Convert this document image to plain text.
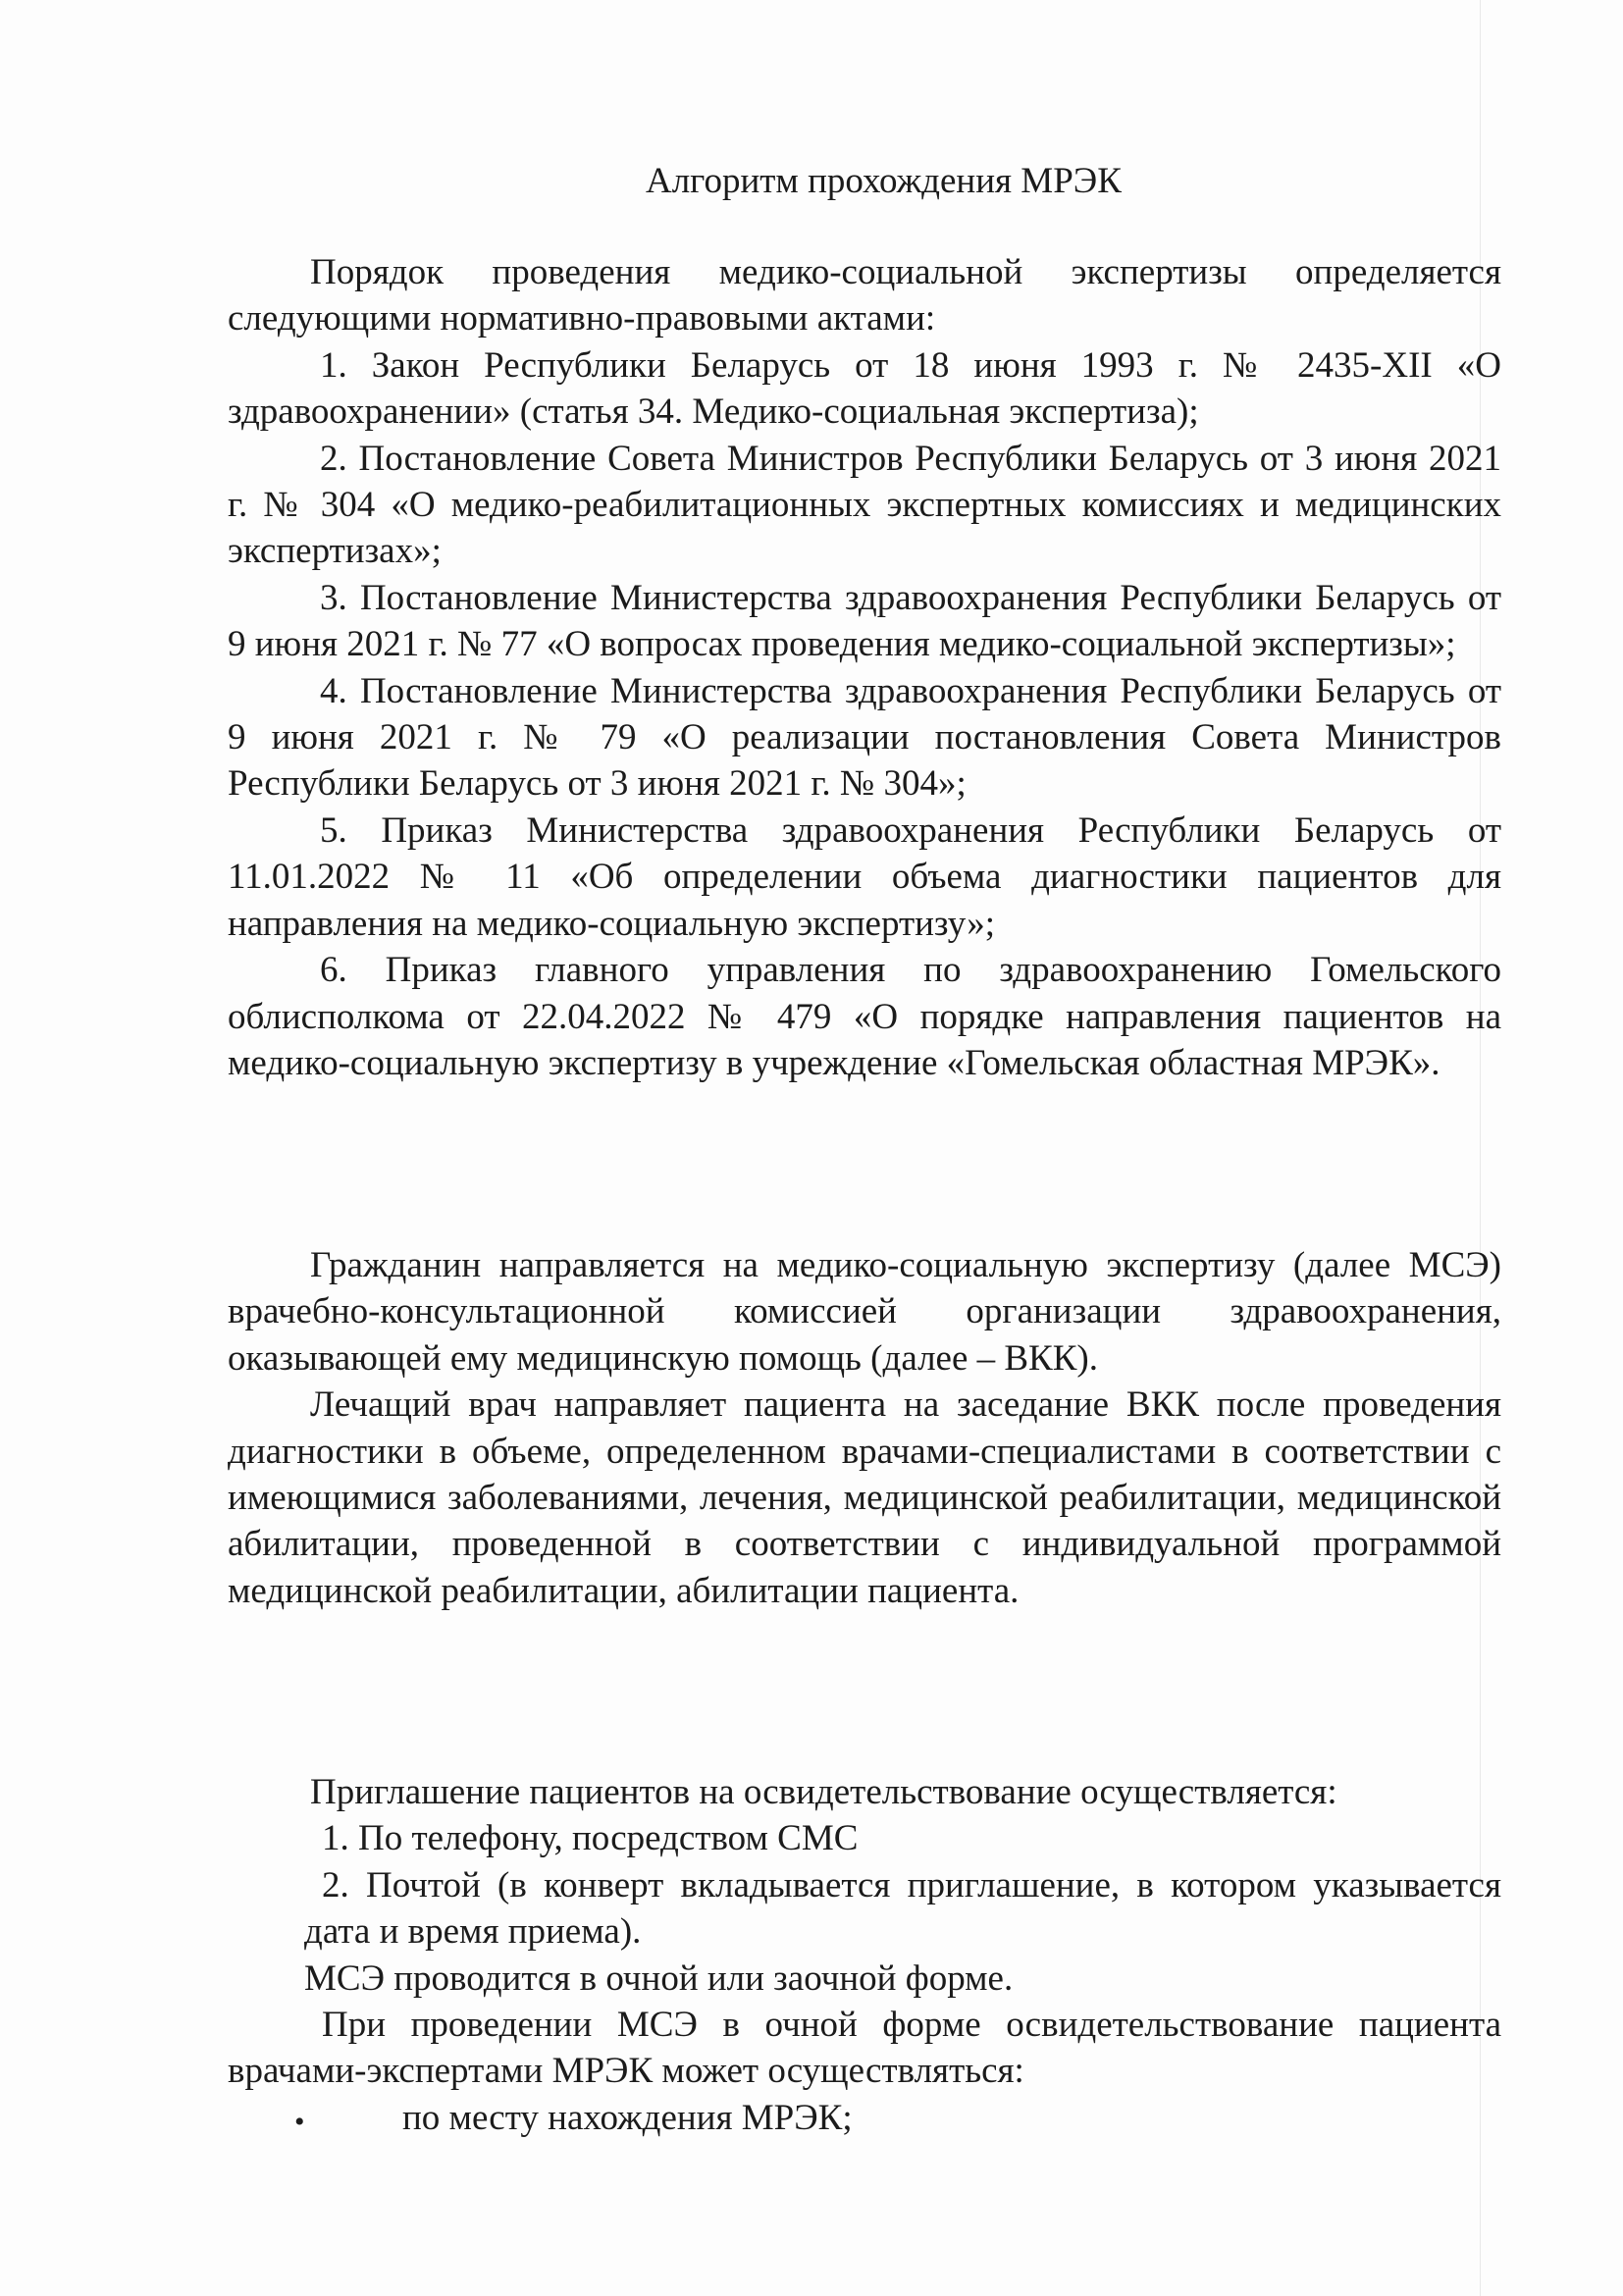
Алгоритм прохождения МРЭК

Порядок проведения медико-социальной экспертизы определяется следующими нормативно-правовыми актами:

1. Закон Республики Беларусь от 18 июня 1993 г. № 2435-XII «О здравоохранении» (статья 34. Медико-социальная экспертиза);

2. Постановление Совета Министров Республики Беларусь от 3 июня 2021 г. № 304 «О медико-реабилитационных экспертных комиссиях и медицинских экспертизах»;

3. Постановление Министерства здравоохранения Республики Беларусь от 9 июня 2021 г. № 77 «О вопросах проведения медико-социальной экспертизы»;

4. Постановление Министерства здравоохранения Республики Беларусь от 9 июня 2021 г. № 79 «О реализации постановления Совета Министров Республики Беларусь от 3 июня 2021 г. № 304»;

5. Приказ Министерства здравоохранения Республики Беларусь от 11.01.2022 № 11 «Об определении объема диагностики пациентов для направления на медико-социальную экспертизу»;

6. Приказ главного управления по здравоохранению Гомельского облисполкома от 22.04.2022 № 479 «О порядке направления пациентов на медико-социальную экспертизу в учреждение «Гомельская областная МРЭК».

Гражданин направляется на медико-социальную экспертизу (далее МСЭ) врачебно-консультационной комиссией организации здравоохранения, оказывающей ему медицинскую помощь (далее – ВКК).

Лечащий врач направляет пациента на заседание ВКК после проведения диагностики в объеме, определенном врачами-специалистами в соответствии с имеющимися заболеваниями, лечения, медицинской реабилитации, медицинской абилитации, проведенной в соответствии с индивидуальной программой медицинской реабилитации, абилитации пациента.

Приглашение пациентов на освидетельствование осуществляется:

1. По телефону, посредством СМС

2. Почтой (в конверт вкладывается приглашение, в котором указывается дата и время приема).

МСЭ проводится в очной или заочной форме.

При проведении МСЭ в очной форме освидетельствование пациента врачами-экспертами МРЭК может осуществляться:

•	по месту нахождения МРЭК;
